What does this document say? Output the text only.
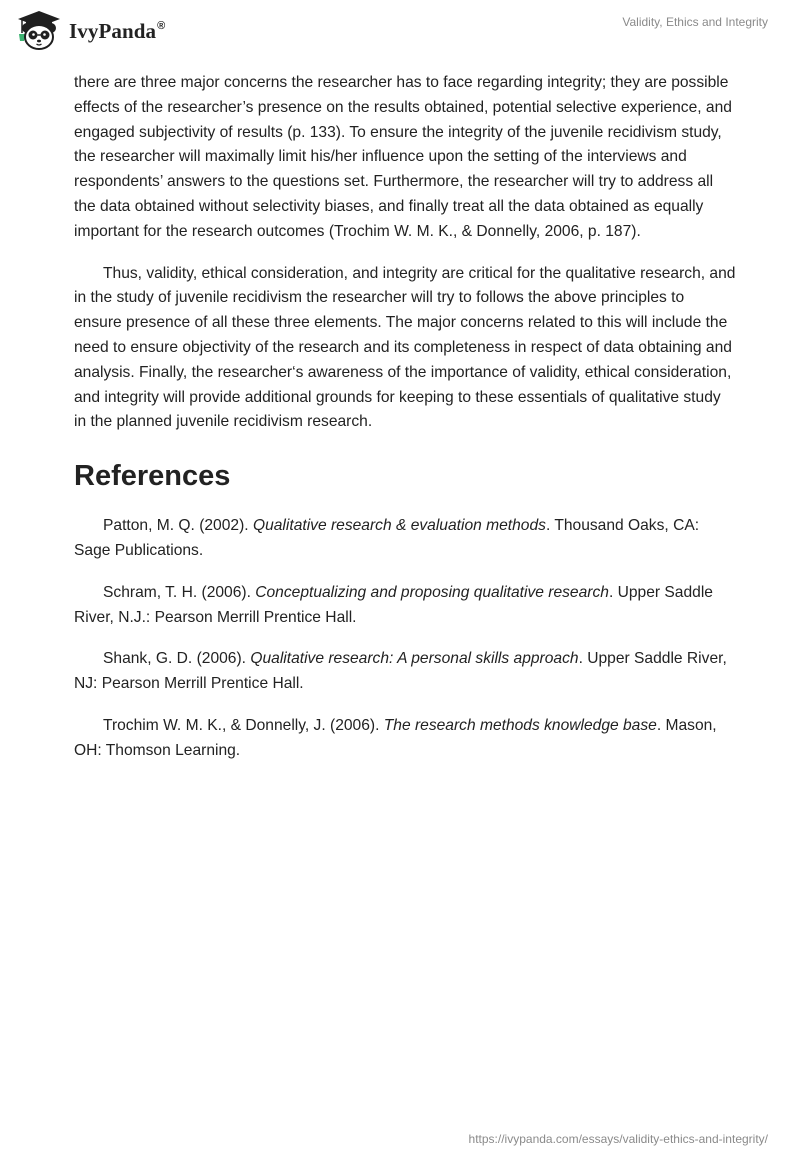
IvyPanda®	Validity, Ethics and Integrity

there are three major concerns the researcher has to face regarding integrity; they are possible effects of the researcher’s presence on the results obtained, potential selective experience, and engaged subjectivity of results (p. 133). To ensure the integrity of the juvenile recidivism study, the researcher will maximally limit his/her influence upon the setting of the interviews and respondents’ answers to the questions set. Furthermore, the researcher will try to address all the data obtained without selectivity biases, and finally treat all the data obtained as equally important for the research outcomes (Trochim W. M. K., & Donnelly, 2006, p. 187).

Thus, validity, ethical consideration, and integrity are critical for the qualitative research, and in the study of juvenile recidivism the researcher will try to follows the above principles to ensure presence of all these three elements. The major concerns related to this will include the need to ensure objectivity of the research and its completeness in respect of data obtaining and analysis. Finally, the researcher‘s awareness of the importance of validity, ethical consideration, and integrity will provide additional grounds for keeping to these essentials of qualitative study in the planned juvenile recidivism research.

References

Patton, M. Q. (2002). Qualitative research & evaluation methods. Thousand Oaks, CA: Sage Publications.

Schram, T. H. (2006). Conceptualizing and proposing qualitative research. Upper Saddle River, N.J.: Pearson Merrill Prentice Hall.

Shank, G. D. (2006). Qualitative research: A personal skills approach. Upper Saddle River, NJ: Pearson Merrill Prentice Hall.

Trochim W. M. K., & Donnelly, J. (2006). The research methods knowledge base. Mason, OH: Thomson Learning.

https://ivypanda.com/essays/validity-ethics-and-integrity/
